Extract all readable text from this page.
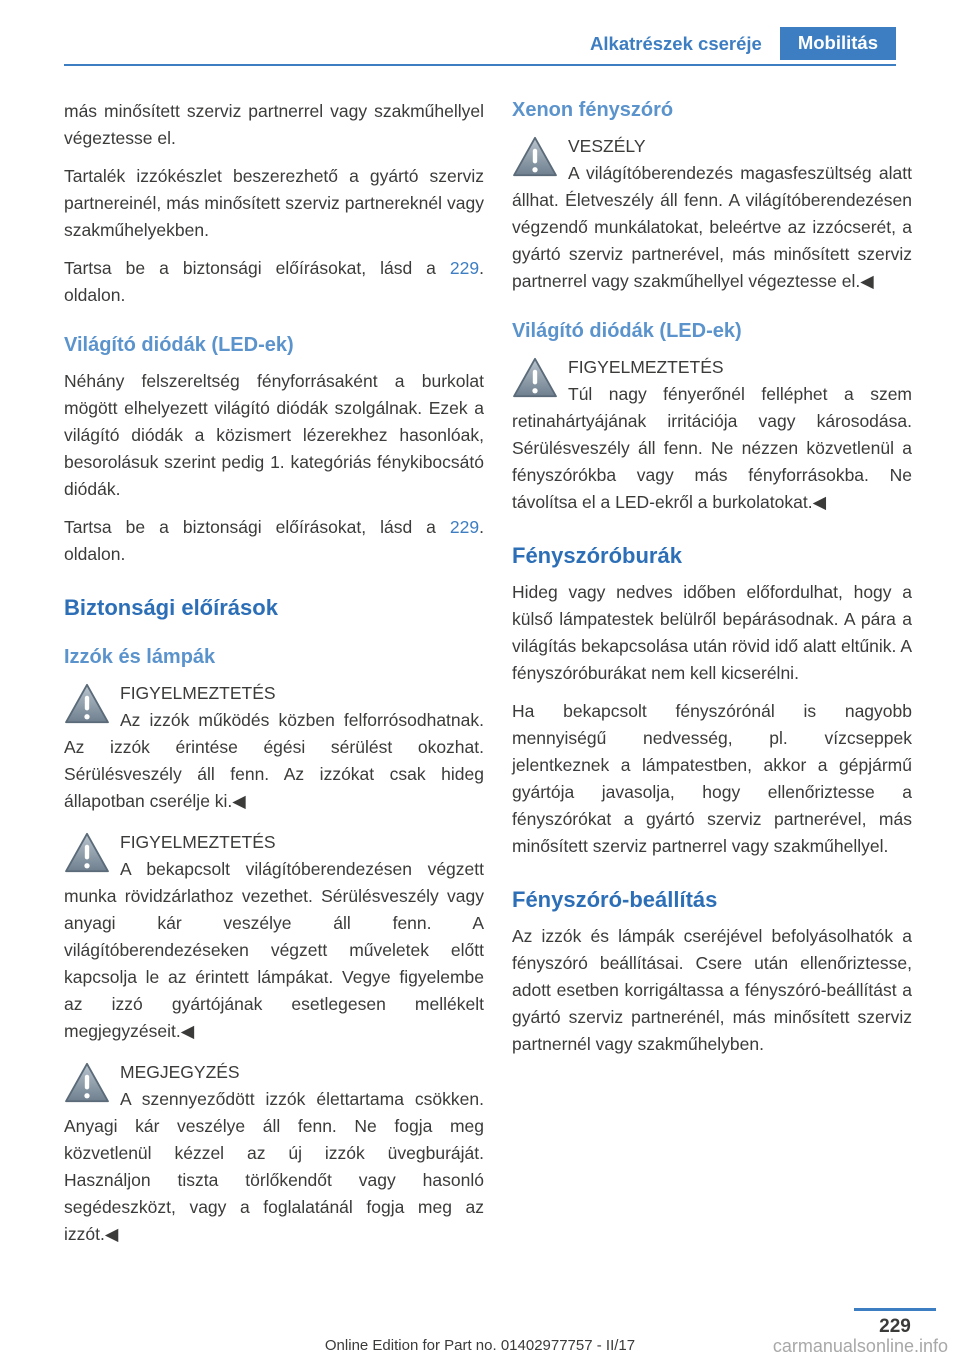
Alkatrészek cseréje	Mobilitás

más minősített szerviz partnerrel vagy szakműhellyel végeztesse el.

Tartalék izzókészlet beszerezhető a gyártó szerviz partnereinél, más minősített szerviz partnereknél vagy szakműhelyekben.

Tartsa be a biztonsági előírásokat, lásd a 229. oldalon.

Világító diódák (LED-ek)

Néhány felszereltség fényforrásaként a burkolat mögött elhelyezett világító diódák szolgálnak. Ezek a világító diódák a közismert lézerekhez hasonlóak, besorolásuk szerint pedig 1. kategóriás fénykibocsátó diódák.

Tartsa be a biztonsági előírásokat, lásd a 229. oldalon.

Biztonsági előírások
Izzók és lámpák

FIGYELMEZTETÉS
Az izzók működés közben felforrósodhatnak. Az izzók érintése égési sérülést okozhat. Sérülésveszély áll fenn. Az izzókat csak hideg állapotban cserélje ki.◀

FIGYELMEZTETÉS
A bekapcsolt világítóberendezésen végzett munka rövidzárlathoz vezethet. Sérülésveszély vagy anyagi kár veszélye áll fenn. A világítóberendezéseken végzett műveletek előtt kapcsolja le az érintett lámpákat. Vegye figyelembe az izzó gyártójának esetlegesen mellékelt megjegyzéseit.◀

MEGJEGYZÉS
A szennyeződött izzók élettartama csökken. Anyagi kár veszélye áll fenn. Ne fogja meg közvetlenül kézzel az új izzók üvegburáját. Használjon tiszta törlőkendőt vagy hasonló segédeszközt, vagy a foglalatánál fogja meg az izzót.◀

Xenon fényszóró

VESZÉLY
A világítóberendezés magasfeszültség alatt állhat. Életveszély áll fenn. A világítóberendezésen végzendő munkálatokat, beleértve az izzócserét, a gyártó szerviz partnerével, más minősített szerviz partnerrel vagy szakműhellyel végeztesse el.◀

Világító diódák (LED-ek)

FIGYELMEZTETÉS
Túl nagy fényerőnél felléphet a szem retinahártyájának irritációja vagy károsodása. Sérülésveszély áll fenn. Ne nézzen közvetlenül a fényszórókba vagy más fényforrásokba. Ne távolítsa el a LED-ekről a burkolatokat.◀

Fényszóróburák

Hideg vagy nedves időben előfordulhat, hogy a külső lámpatestek belülről bepárásodnak. A pára a világítás bekapcsolása után rövid idő alatt eltűnik. A fényszóróburákat nem kell kicserélni.

Ha bekapcsolt fényszórónál is nagyobb mennyiségű nedvesség, pl. vízcseppek jelentkeznek a lámpatestben, akkor a gépjármű gyártója javasolja, hogy ellenőriztesse a fényszórókat a gyártó szerviz partnerével, más minősített szerviz partnerrel vagy szakműhellyel.

Fényszóró-beállítás

Az izzók és lámpák cseréjével befolyásolhatók a fényszóró beállításai. Csere után ellenőriztesse, adott esetben korrigáltassa a fényszóró-beállítást a gyártó szerviz partnerénél, más minősített szerviz partnernél vagy szakműhelyben.

229
Online Edition for Part no. 01402977757 - II/17	carmanualsonline.info
